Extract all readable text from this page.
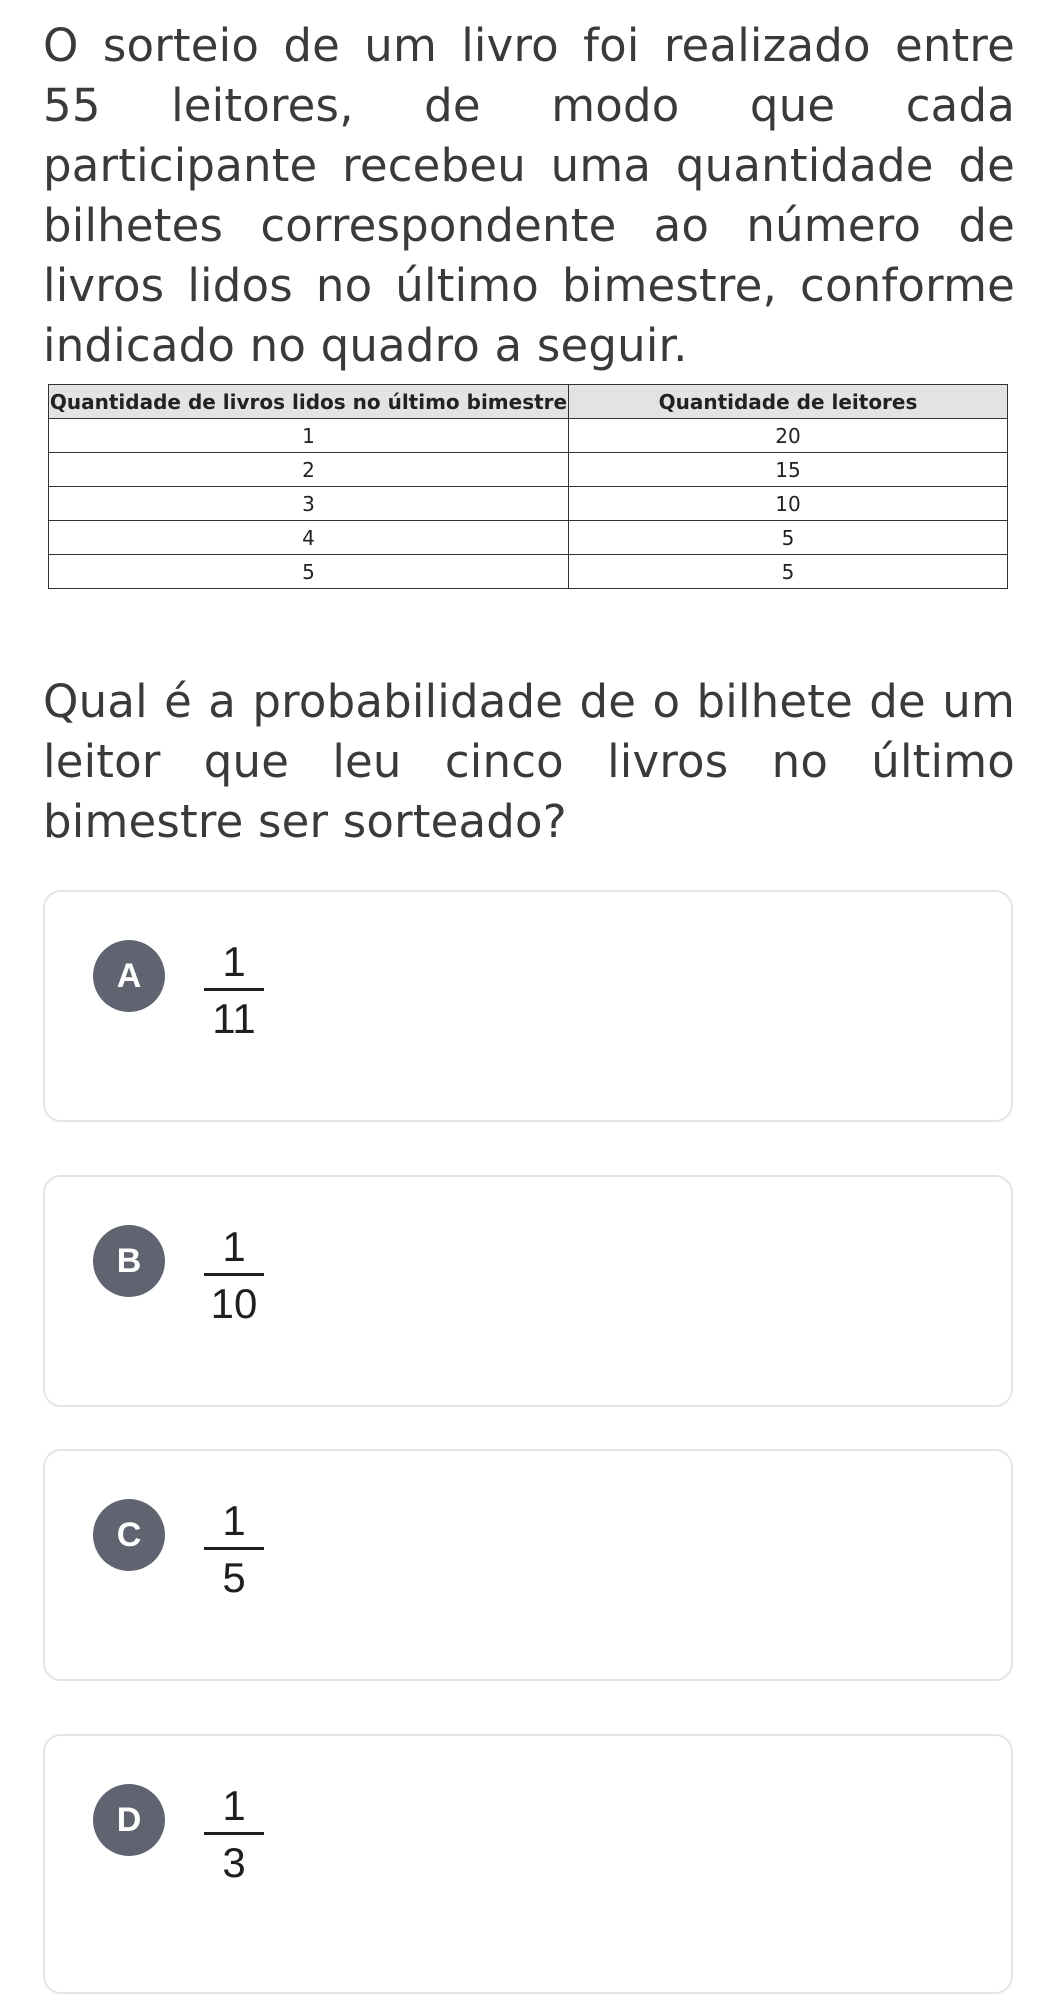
O sorteio de um livro foi realizado entre 55 leitores, de modo que cada participante recebeu uma quantidade de bilhetes correspondente ao número de livros lidos no último bimestre, conforme indicado no quadro a seguir.
Quantidade de livros lidos no último bimestre	Quantidade de leitores
1	20
2	15
3	10
4	5
5	5
Qual é a probabilidade de o bilhete de um leitor que leu cinco livros no último bimestre ser sorteado?
A	1
11
B	1
10
C	1
5
D	1
3
